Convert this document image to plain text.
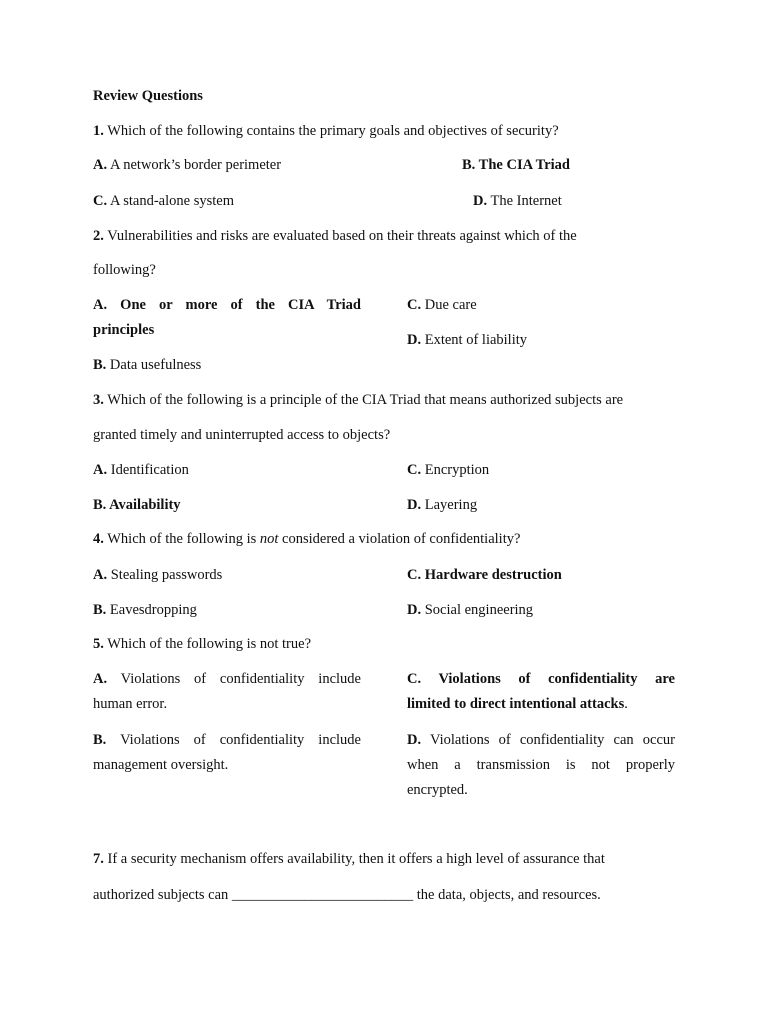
Review Questions
1. Which of the following contains the primary goals and objectives of security?
A. A network’s border perimeter	B. The CIA Triad
C. A stand-alone system	D. The Internet
2. Vulnerabilities and risks are evaluated based on their threats against which of the
following?
A. One or more of the CIA Triad
principles
B. Data usefulness
C. Due care
D. Extent of liability
3. Which of the following is a principle of the CIA Triad that means authorized subjects are
granted timely and uninterrupted access to objects?
A. Identification
B. Availability
C. Encryption
D. Layering
4. Which of the following is not considered a violation of confidentiality?
A. Stealing passwords
B. Eavesdropping
C. Hardware destruction
D. Social engineering
5. Which of the following is not true?
A. Violations of confidentiality include
human error.
B. Violations of confidentiality include
management oversight.
C. Violations of confidentiality are
limited to direct intentional attacks.
D. Violations of confidentiality can occur
when a transmission is not properly
encrypted.
7. If a security mechanism offers availability, then it offers a high level of assurance that
authorized subjects can _________________________ the data, objects, and resources.
